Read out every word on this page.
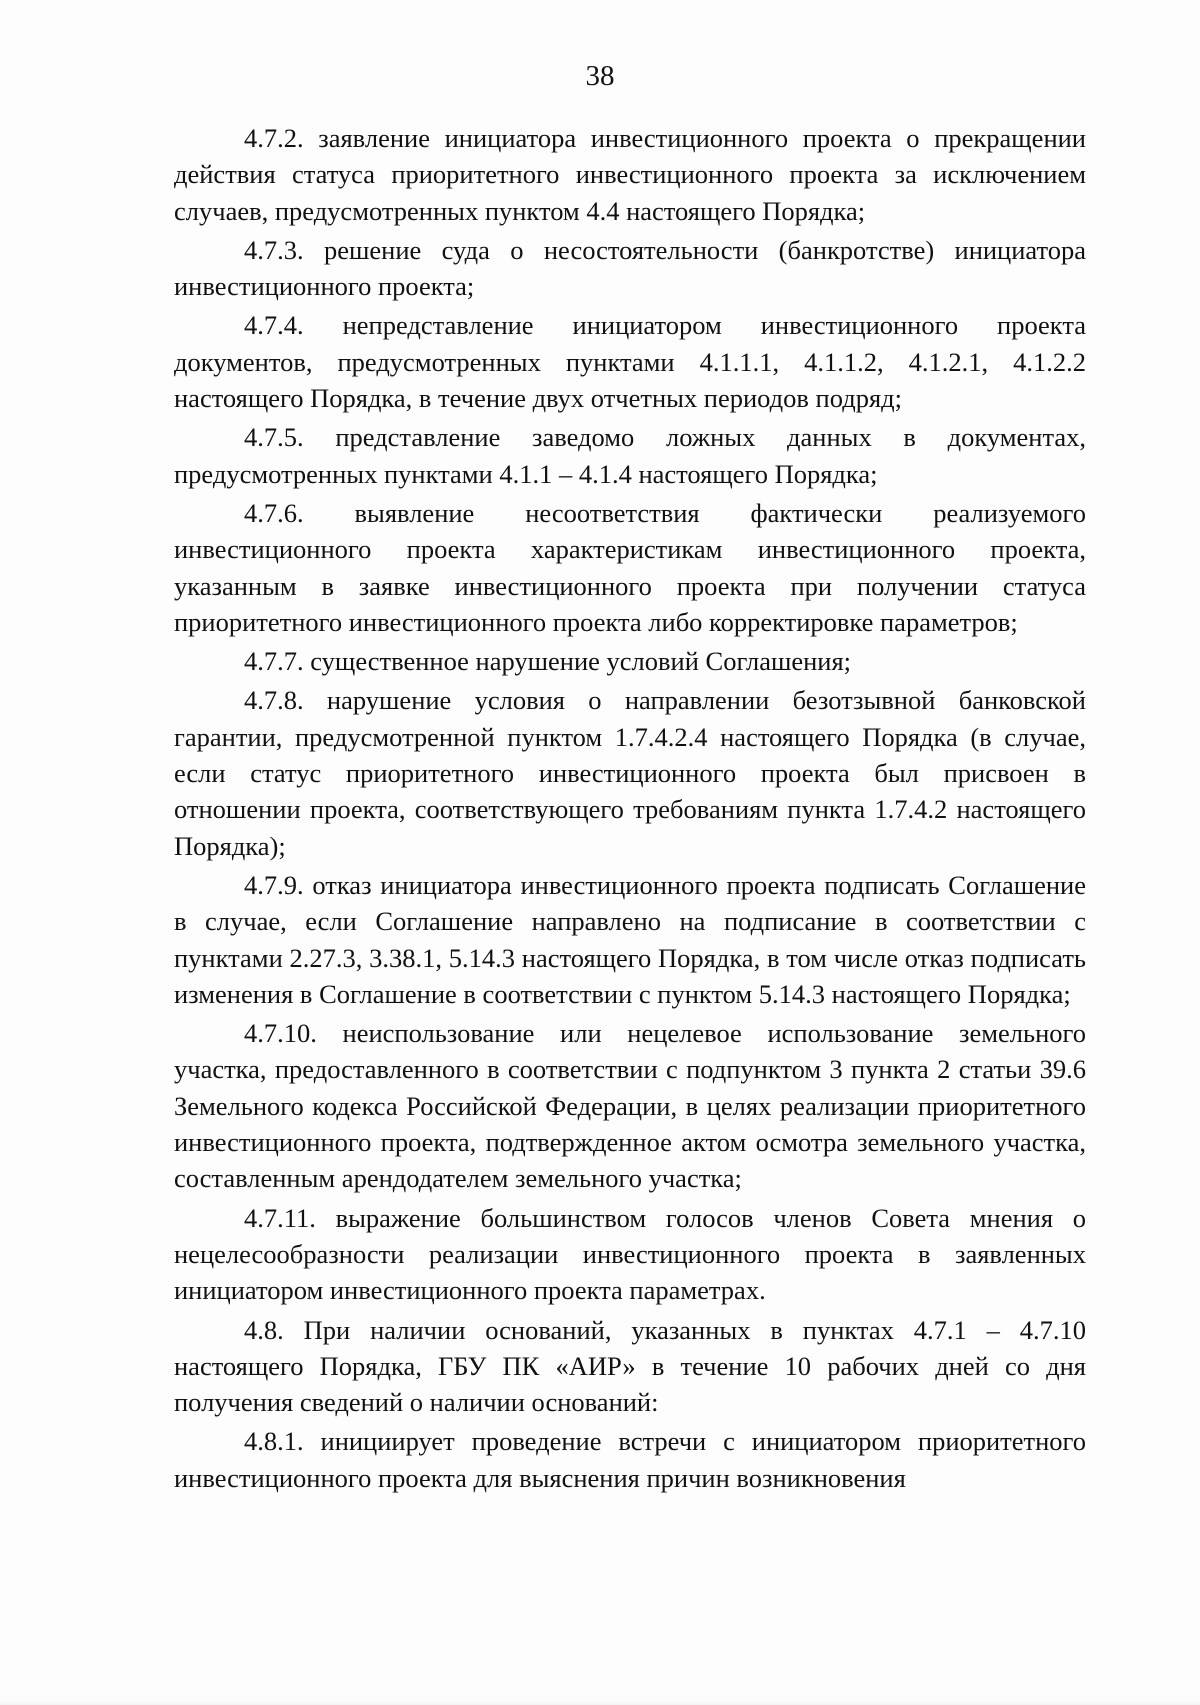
38

4.7.2. заявление инициатора инвестиционного проекта о прекращении действия статуса приоритетного инвестиционного проекта за исключением случаев, предусмотренных пунктом 4.4 настоящего Порядка;

4.7.3. решение суда о несостоятельности (банкротстве) инициатора инвестиционного проекта;

4.7.4. непредставление инициатором инвестиционного проекта документов, предусмотренных пунктами 4.1.1.1, 4.1.1.2, 4.1.2.1, 4.1.2.2 настоящего Порядка, в течение двух отчетных периодов подряд;

4.7.5. представление заведомо ложных данных в документах, предусмотренных пунктами 4.1.1 – 4.1.4 настоящего Порядка;

4.7.6. выявление несоответствия фактически реализуемого инвестиционного проекта характеристикам инвестиционного проекта, указанным в заявке инвестиционного проекта при получении статуса приоритетного инвестиционного проекта либо корректировке параметров;

4.7.7. существенное нарушение условий Соглашения;

4.7.8. нарушение условия о направлении безотзывной банковской гарантии, предусмотренной пунктом 1.7.4.2.4 настоящего Порядка (в случае, если статус приоритетного инвестиционного проекта был присвоен в отношении проекта, соответствующего требованиям пункта 1.7.4.2 настоящего Порядка);

4.7.9. отказ инициатора инвестиционного проекта подписать Соглашение в случае, если Соглашение направлено на подписание в соответствии с пунктами 2.27.3, 3.38.1, 5.14.3 настоящего Порядка, в том числе отказ подписать изменения в Соглашение в соответствии с пунктом 5.14.3 настоящего Порядка;

4.7.10. неиспользование или нецелевое использование земельного участка, предоставленного в соответствии с подпунктом 3 пункта 2 статьи 39.6 Земельного кодекса Российской Федерации, в целях реализации приоритетного инвестиционного проекта, подтвержденное актом осмотра земельного участка, составленным арендодателем земельного участка;

4.7.11. выражение большинством голосов членов Совета мнения о нецелесообразности реализации инвестиционного проекта в заявленных инициатором инвестиционного проекта параметрах.

4.8. При наличии оснований, указанных в пунктах 4.7.1 – 4.7.10 настоящего Порядка, ГБУ ПК «АИР» в течение 10 рабочих дней со дня получения сведений о наличии оснований:

4.8.1. инициирует проведение встречи с инициатором приоритетного инвестиционного проекта для выяснения причин возникновения
